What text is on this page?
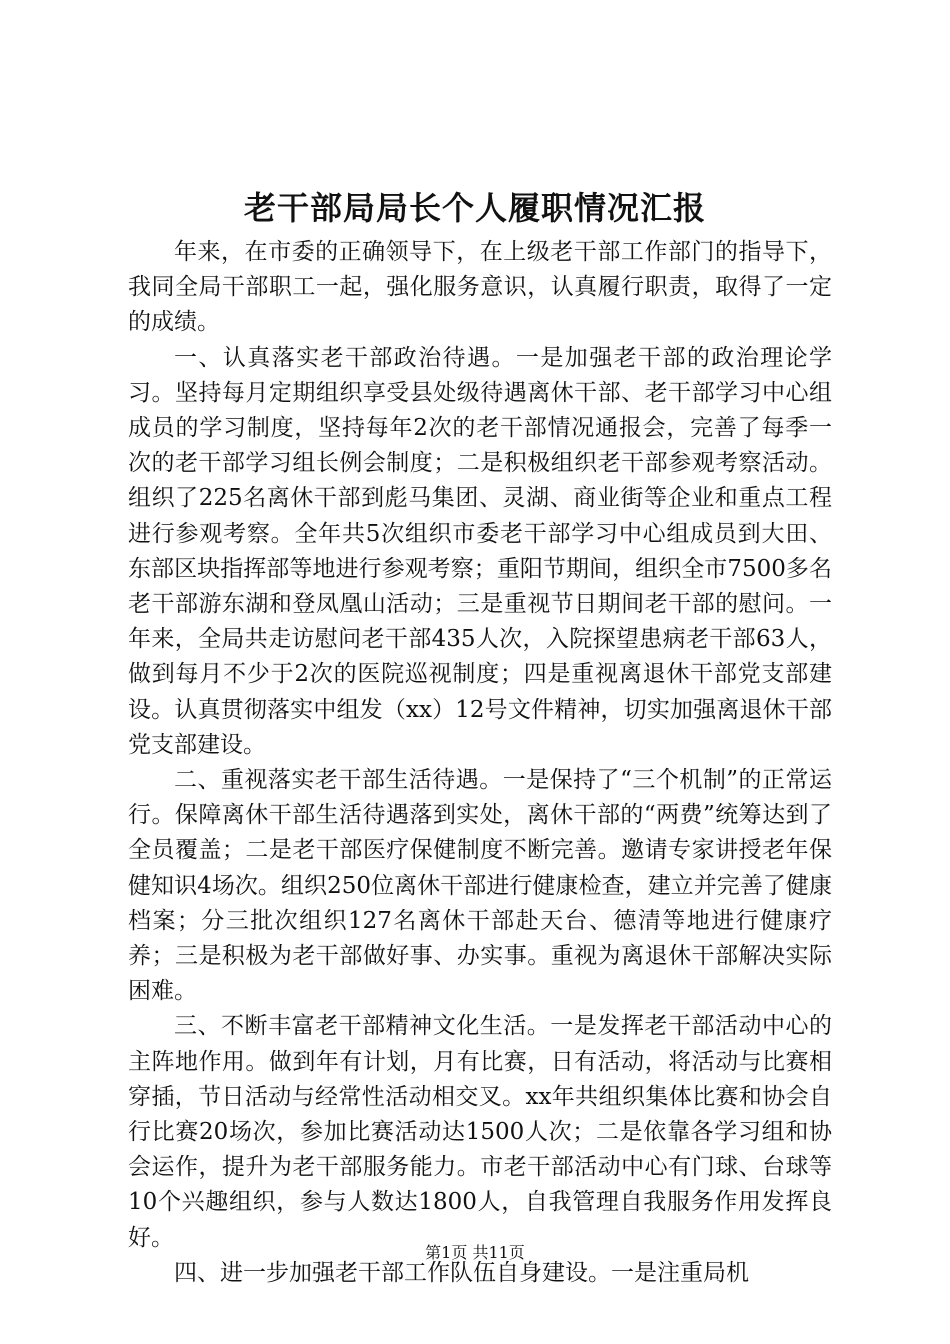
老干部局局长个人履职情况汇报

年来，在市委的正确领导下，在上级老干部工作部门的指导下，我同全局干部职工一起，强化服务意识，认真履行职责，取得了一定的成绩。

一、认真落实老干部政治待遇。一是加强老干部的政治理论学习。坚持每月定期组织享受县处级待遇离休干部、老干部学习中心组成员的学习制度，坚持每年2次的老干部情况通报会，完善了每季一次的老干部学习组长例会制度；二是积极组织老干部参观考察活动。组织了225名离休干部到彪马集团、灵湖、商业街等企业和重点工程进行参观考察。全年共5次组织市委老干部学习中心组成员到大田、东部区块指挥部等地进行参观考察；重阳节期间，组织全市7500多名老干部游东湖和登凤凰山活动；三是重视节日期间老干部的慰问。一年来，全局共走访慰问老干部435人次，入院探望患病老干部63人，做到每月不少于2次的医院巡视制度；四是重视离退休干部党支部建设。认真贯彻落实中组发（xx）12号文件精神，切实加强离退休干部党支部建设。

二、重视落实老干部生活待遇。一是保持了“三个机制”的正常运行。保障离休干部生活待遇落到实处，离休干部的“两费”统筹达到了全员覆盖；二是老干部医疗保健制度不断完善。邀请专家讲授老年保健知识4场次。组织250位离休干部进行健康检查，建立并完善了健康档案；分三批次组织127名离休干部赴天台、德清等地进行健康疗养；三是积极为老干部做好事、办实事。重视为离退休干部解决实际困难。

三、不断丰富老干部精神文化生活。一是发挥老干部活动中心的主阵地作用。做到年有计划，月有比赛，日有活动，将活动与比赛相穿插，节日活动与经常性活动相交叉。xx年共组织集体比赛和协会自行比赛20场次，参加比赛活动达1500人次；二是依靠各学习组和协会运作，提升为老干部服务能力。市老干部活动中心有门球、台球等10个兴趣组织，参与人数达1800人，自我管理自我服务作用发挥良好。

四、进一步加强老干部工作队伍自身建设。一是注重局机

第1页 共11页
